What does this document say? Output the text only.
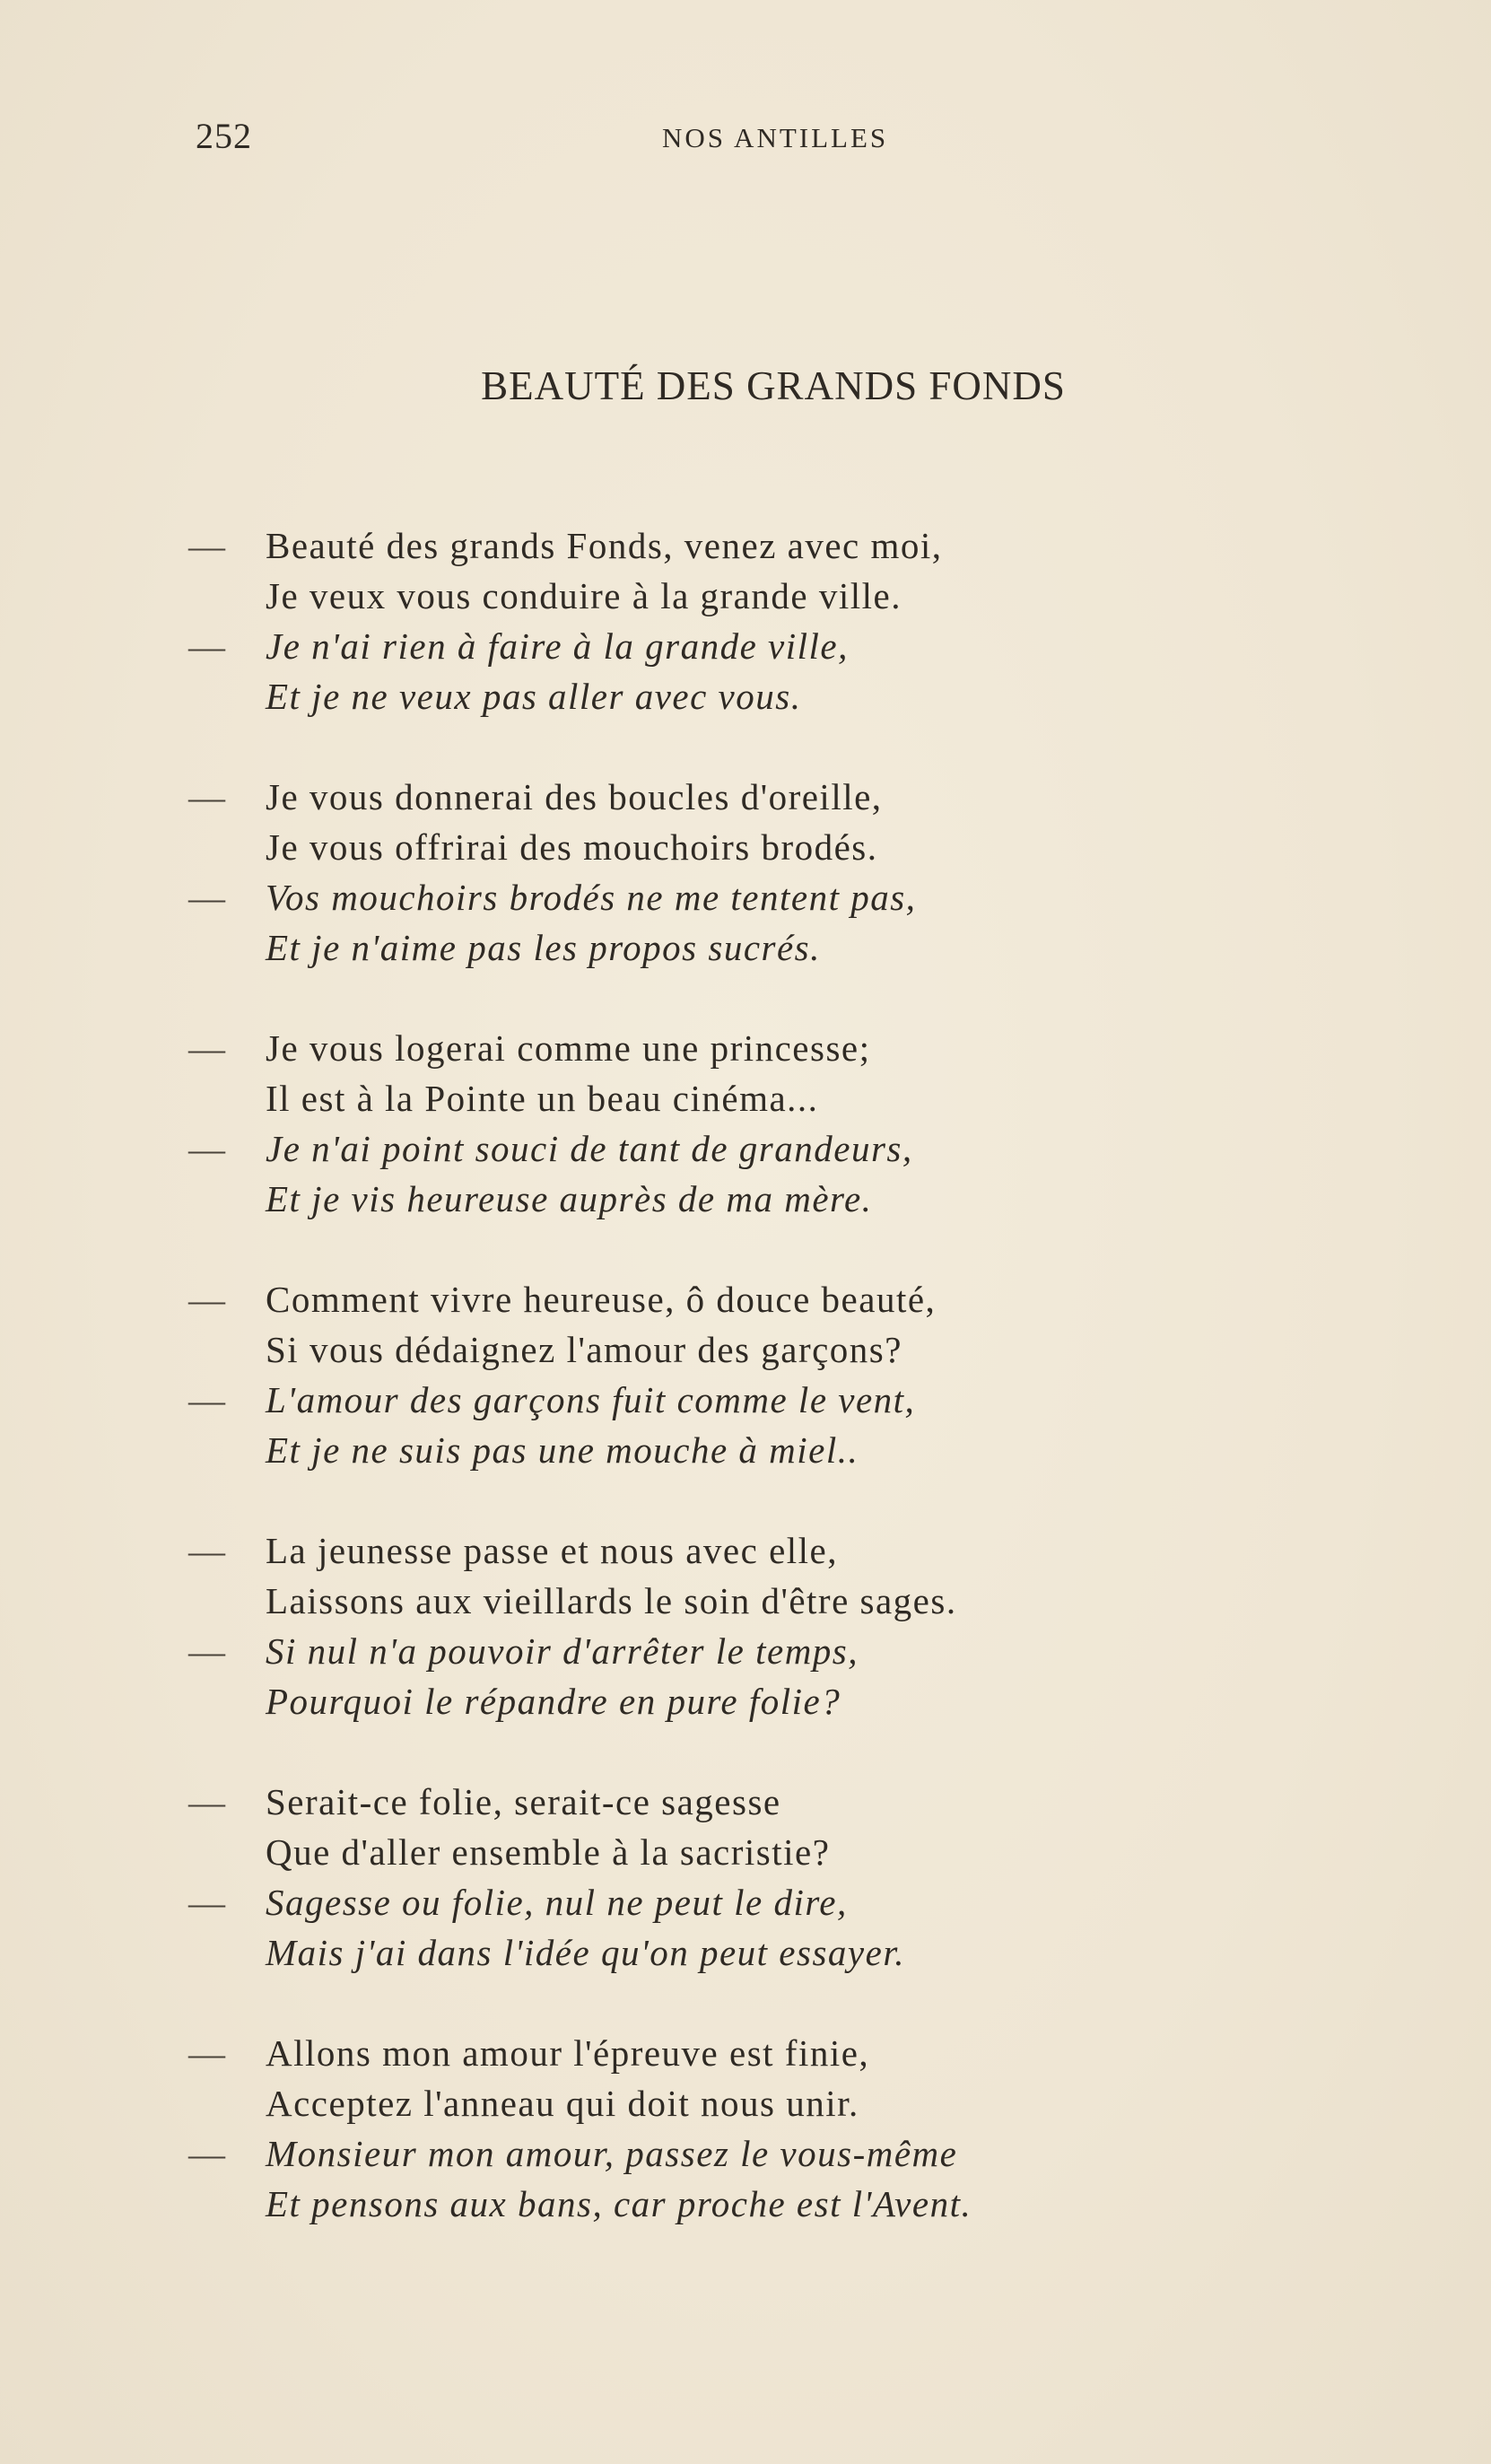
252	NOS ANTILLES
BEAUTÉ DES GRANDS FONDS
—	Beauté des grands Fonds, venez avec moi,
Je veux vous conduire à la grande ville.
—	Je n'ai rien à faire à la grande ville,
Et je ne veux pas aller avec vous.
—	Je vous donnerai des boucles d'oreille,
Je vous offrirai des mouchoirs brodés.
—	Vos mouchoirs brodés ne me tentent pas,
Et je n'aime pas les propos sucrés.
—	Je vous logerai comme une princesse;
Il est à la Pointe un beau cinéma...
—	Je n'ai point souci de tant de grandeurs,
Et je vis heureuse auprès de ma mère.
—	Comment vivre heureuse, ô douce beauté,
Si vous dédaignez l'amour des garçons?
—	L'amour des garçons fuit comme le vent,
Et je ne suis pas une mouche à miel..
—	La jeunesse passe et nous avec elle,
Laissons aux vieillards le soin d'être sages.
—	Si nul n'a pouvoir d'arrêter le temps,
Pourquoi le répandre en pure folie?
—	Serait-ce folie, serait-ce sagesse
Que d'aller ensemble à la sacristie?
—	Sagesse ou folie, nul ne peut le dire,
Mais j'ai dans l'idée qu'on peut essayer.
—	Allons mon amour l'épreuve est finie,
Acceptez l'anneau qui doit nous unir.
—	Monsieur mon amour, passez le vous-même
Et pensons aux bans, car proche est l'Avent.
